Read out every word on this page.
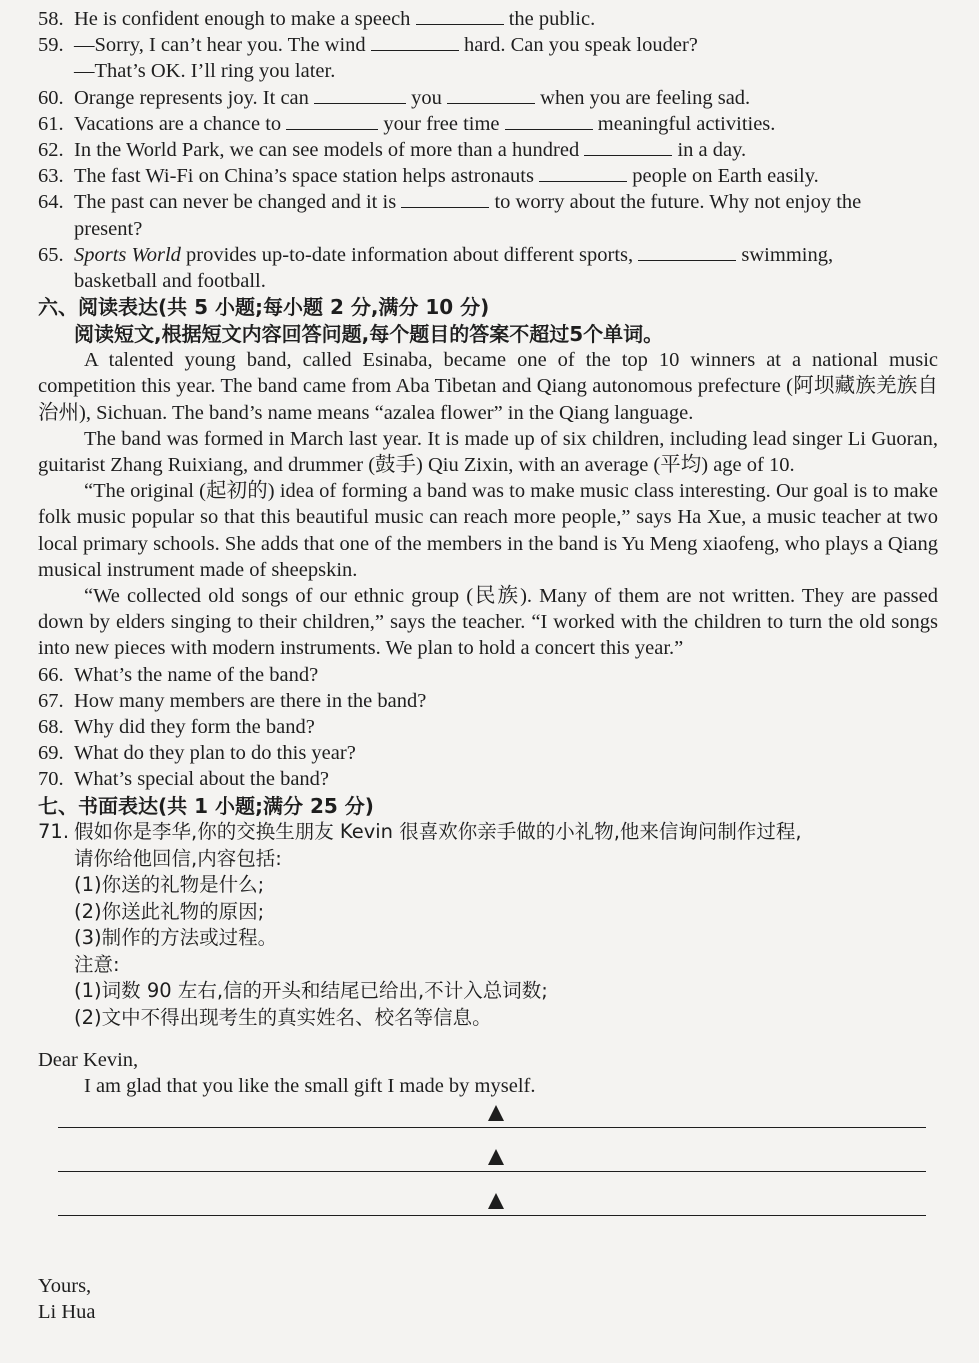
58. He is confident enough to make a speech	the public.
59. —Sorry, I can’t hear you. The wind	hard. Can you speak louder?
—That’s OK. I’ll ring you later.
60. Orange represents joy. It can	you	when you are feeling sad.
61. Vacations are a chance to	your free time	meaningful activities.
62. In the World Park, we can see models of more than a hundred	in a day.
63. The fast Wi-Fi on China’s space station helps astronauts	people on Earth easily.
64. The past can never be changed and it is	to worry about the future. Why not enjoy the
present?
65. Sports World provides up-to-date information about different sports,	swimming,
basketball and football.
六、阅读表达(共 5 小题;每小题 2 分,满分 10 分)
阅读短文,根据短文内容回答问题,每个题目的答案不超过5个单词。
A talented young band, called Esinaba, became one of the top 10 winners at a national music competition this year. The band came from Aba Tibetan and Qiang autonomous prefecture (阿坝藏族羌族自治州), Sichuan. The band’s name means “azalea flower” in the Qiang language.
The band was formed in March last year. It is made up of six children, including lead singer Li Guoran, guitarist Zhang Ruixiang, and drummer (鼓手) Qiu Zixin, with an average (平均) age of 10.
“The original (起初的) idea of forming a band was to make music class interesting. Our goal is to make folk music popular so that this beautiful music can reach more people,” says Ha Xue, a music teacher at two local primary schools. She adds that one of the members in the band is Yu Meng xiaofeng, who plays a Qiang musical instrument made of sheepskin.
“We collected old songs of our ethnic group (民族). Many of them are not written. They are passed down by elders singing to their children,” says the teacher. “I worked with the children to turn the old songs into new pieces with modern instruments. We plan to hold a concert this year.”
66. What’s the name of the band?
67. How many members are there in the band?
68. Why did they form the band?
69. What do they plan to do this year?
70. What’s special about the band?
七、书面表达(共 1 小题;满分 25 分)
71. 假如你是李华,你的交换生朋友 Kevin 很喜欢你亲手做的小礼物,他来信询问制作过程,
请你给他回信,内容包括:
(1)你送的礼物是什么;
(2)你送此礼物的原因;
(3)制作的方法或过程。
注意:
(1)词数 90 左右,信的开头和结尾已给出,不计入总词数;
(2)文中不得出现考生的真实姓名、校名等信息。
Dear Kevin,
I am glad that you like the small gift I made by myself.
Yours,
Li Hua
